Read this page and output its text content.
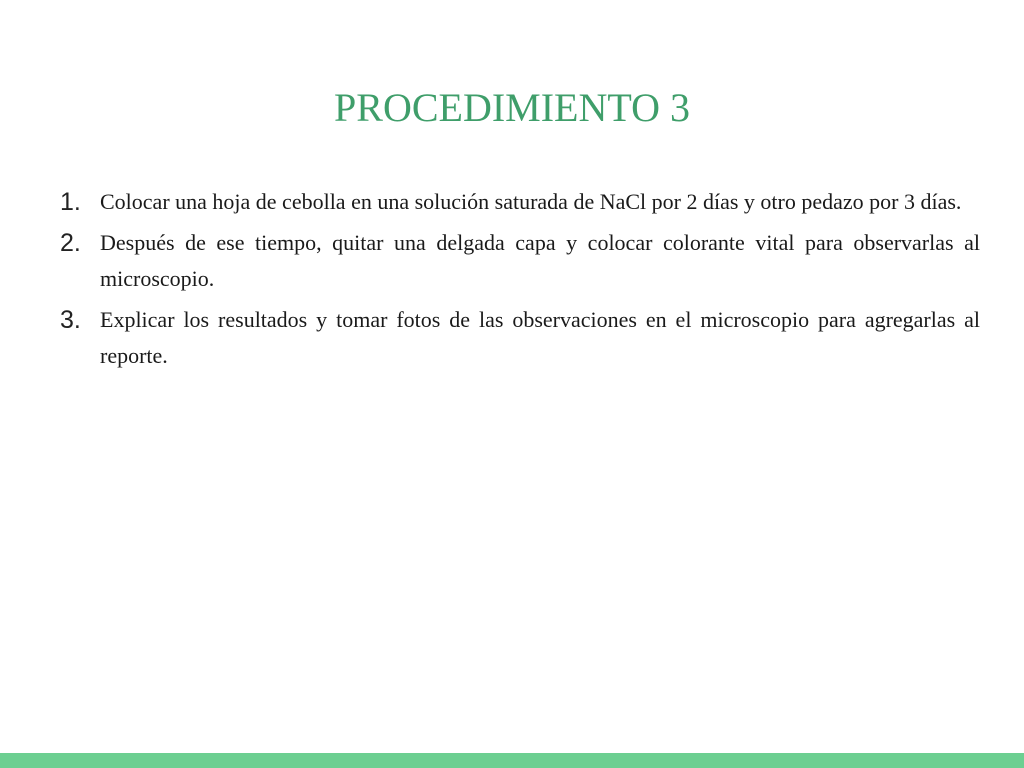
PROCEDIMIENTO 3
1. Colocar una hoja de cebolla en una solución saturada de NaCl por 2 días y otro pedazo por 3 días.
2. Después de ese tiempo, quitar una delgada capa y colocar colorante vital para observarlas al microscopio.
3. Explicar los resultados y tomar fotos de las observaciones en el microscopio para agregarlas al reporte.
